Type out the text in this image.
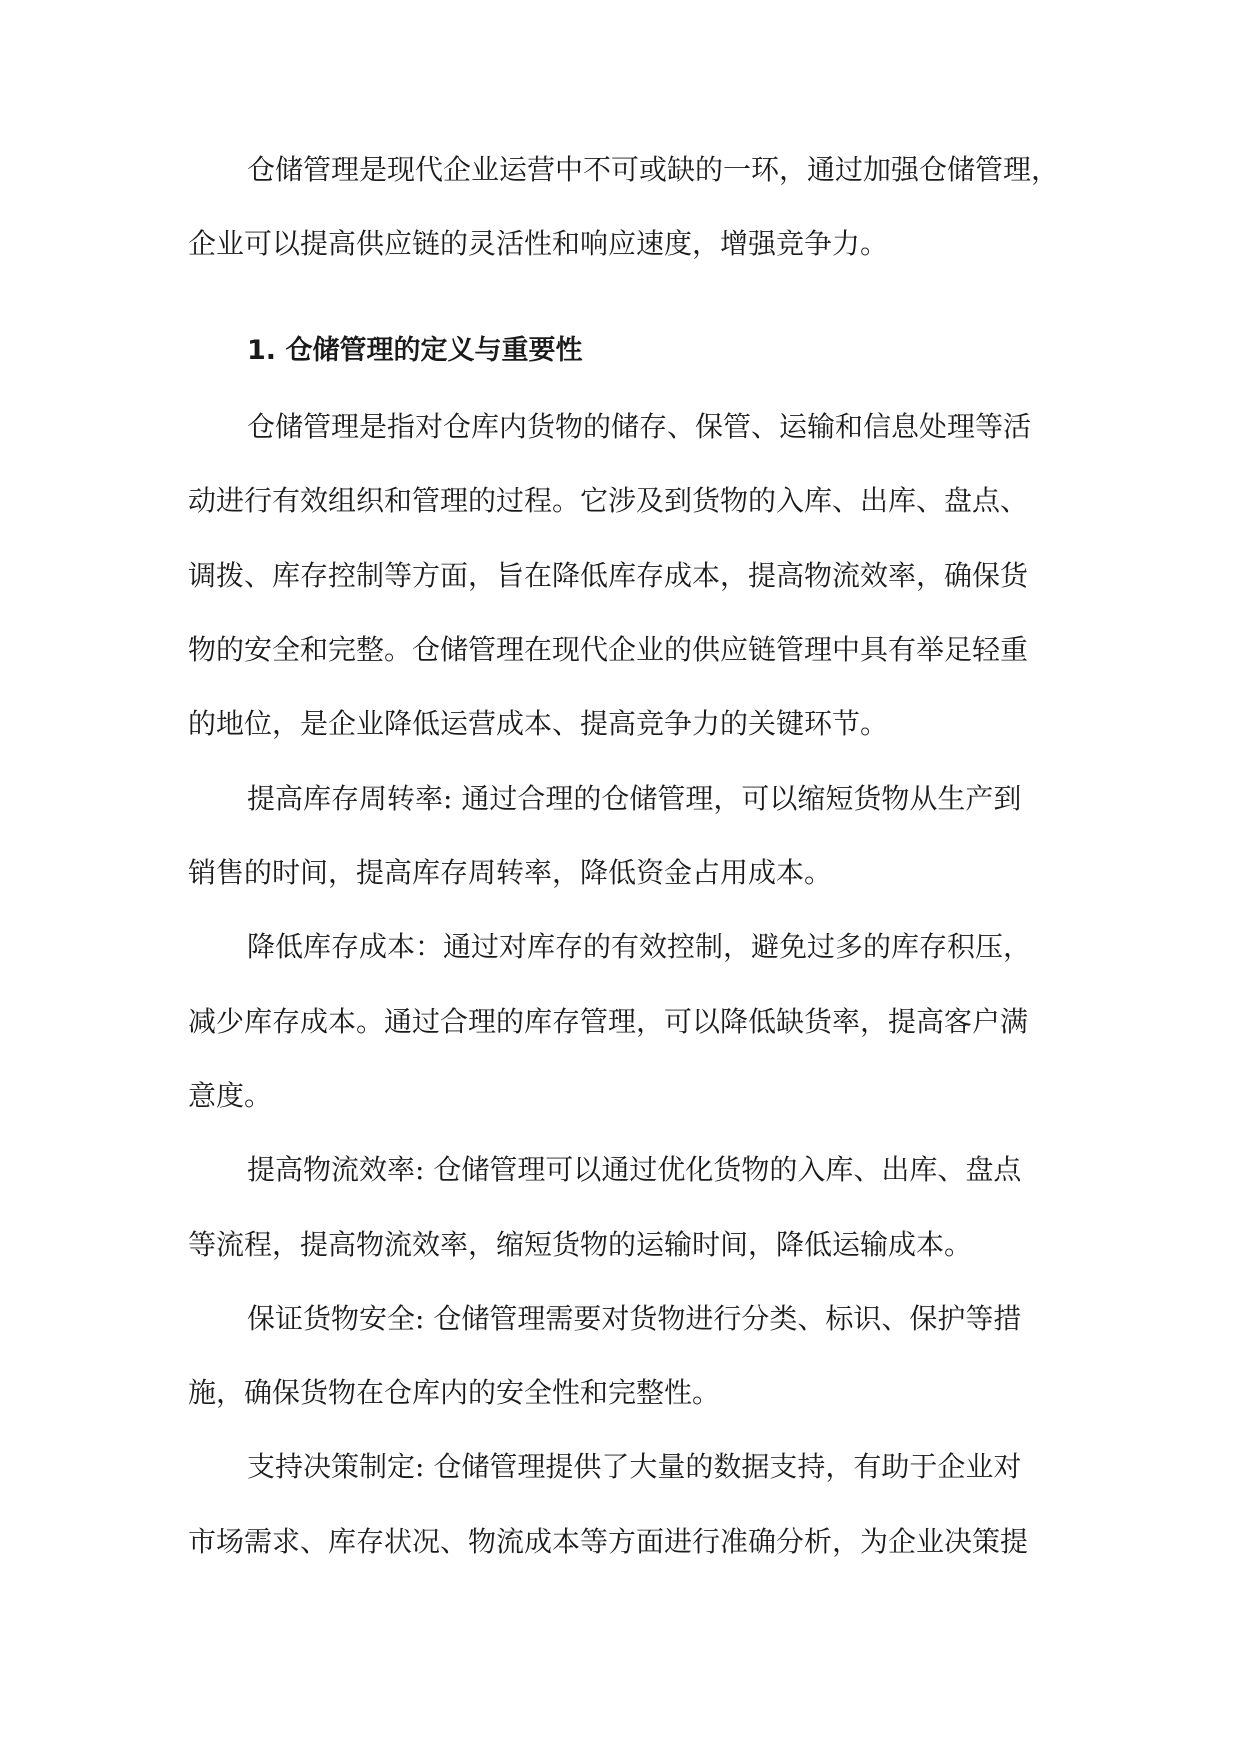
仓储管理是现代企业运营中不可或缺的一环，通过加强仓储管理，
企业可以提高供应链的灵活性和响应速度，增强竞争力。
1. 仓储管理的定义与重要性
仓储管理是指对仓库内货物的储存、保管、运输和信息处理等活
动进行有效组织和管理的过程。它涉及到货物的入库、出库、盘点、
调拨、库存控制等方面，旨在降低库存成本，提高物流效率，确保货
物的安全和完整。仓储管理在现代企业的供应链管理中具有举足轻重
的地位，是企业降低运营成本、提高竞争力的关键环节。
提高库存周转率: 通过合理的仓储管理，可以缩短货物从生产到
销售的时间，提高库存周转率，降低资金占用成本。
降低库存成本：通过对库存的有效控制，避免过多的库存积压，
减少库存成本。通过合理的库存管理，可以降低缺货率，提高客户满
意度。
提高物流效率: 仓储管理可以通过优化货物的入库、出库、盘点
等流程，提高物流效率，缩短货物的运输时间，降低运输成本。
保证货物安全: 仓储管理需要对货物进行分类、标识、保护等措
施，确保货物在仓库内的安全性和完整性。
支持决策制定: 仓储管理提供了大量的数据支持，有助于企业对
市场需求、库存状况、物流成本等方面进行准确分析，为企业决策提
